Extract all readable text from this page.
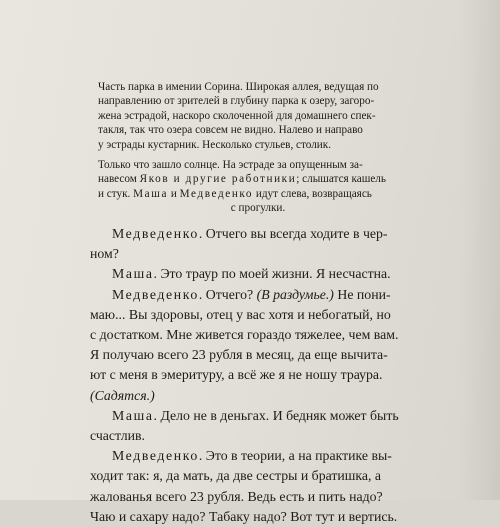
Часть парка в имении Сорина. Широкая аллея, ведущая по
направлению от зрителей в глубину парка к озеру, загоро-
жена эстрадой, наскоро сколоченной для домашнего спек-
такля, так что озера совсем не видно. Налево и направо
у эстрады кустарник. Несколько стульев, столик.

Только что зашло солнце. На эстраде за опущенным за-
навесом Яков и другие работники; слышатся кашель
и стук. Маша и Медведенко идут слева, возвращаясь
с прогулки.

Медведенко. Отчего вы всегда ходите в чер-
ном?
Маша. Это траур по моей жизни. Я несчастна.
Медведенко. Отчего? (В раздумье.) Не пони-
маю... Вы здоровы, отец у вас хотя и небогатый, но
с достатком. Мне живется гораздо тяжелее, чем вам.
Я получаю всего 23 рубля в месяц, да еще вычита-
ют с меня в эмеритуру, а всё же я не ношу траура.
(Садятся.)
Маша. Дело не в деньгах. И бедняк может быть
счастлив.
Медведенко. Это в теории, а на практике вы-
ходит так: я, да мать, да две сестры и братишка, а
жалованья всего 23 рубля. Ведь есть и пить надо?
Чаю и сахару надо? Табаку надо? Вот тут и вертись.
